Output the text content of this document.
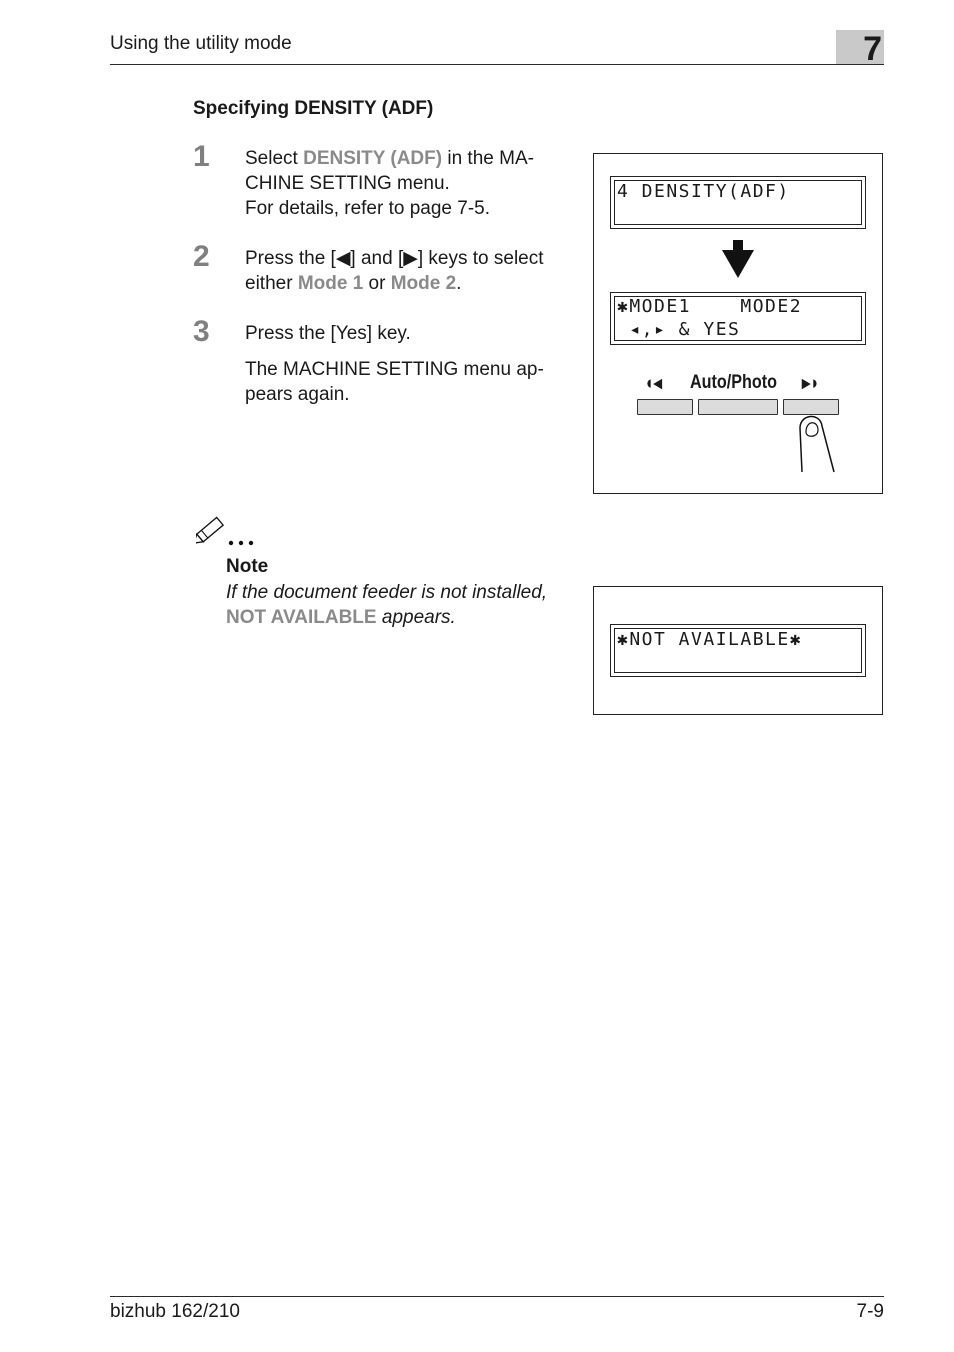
Using the utility mode	7
Specifying DENSITY (ADF)
1 Select DENSITY (ADF) in the MA-
CHINE SETTING menu.
For details, refer to page 7-5.
2 Press the [◀] and [▶] keys to select
either Mode 1 or Mode 2.
3 Press the [Yes] key.
The MACHINE SETTING menu ap-
pears again.
4 DENSITY(ADF)
✱MODE1    MODE2
◂,▸ & YES
◖◂ Auto/Photo ▸◗
Note
If the document feeder is not installed,
NOT AVAILABLE appears.
✱NOT AVAILABLE✱
bizhub 162/210	7-9
